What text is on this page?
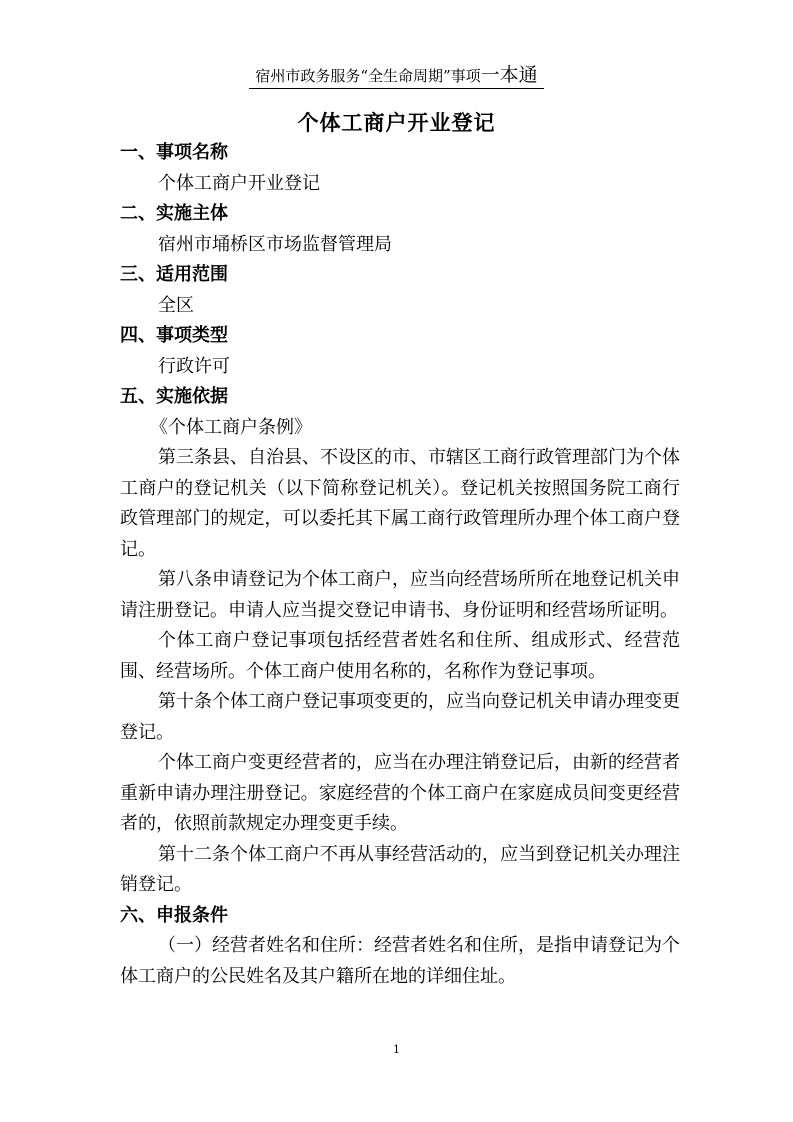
宿州市政务服务“全生命周期”事项一本通
个体工商户开业登记

一、事项名称

个体工商户开业登记

二、实施主体

宿州市埇桥区市场监督管理局

三、适用范围

全区

四、事项类型

行政许可

五、实施依据

《个体工商户条例》

第三条县、自治县、不设区的市、市辖区工商行政管理部门为个体工商户的登记机关（以下简称登记机关）。登记机关按照国务院工商行政管理部门的规定，可以委托其下属工商行政管理所办理个体工商户登记。

第八条申请登记为个体工商户，应当向经营场所所在地登记机关申请注册登记。申请人应当提交登记申请书、身份证明和经营场所证明。

个体工商户登记事项包括经营者姓名和住所、组成形式、经营范围、经营场所。个体工商户使用名称的，名称作为登记事项。

第十条个体工商户登记事项变更的，应当向登记机关申请办理变更登记。

个体工商户变更经营者的，应当在办理注销登记后，由新的经营者重新申请办理注册登记。家庭经营的个体工商户在家庭成员间变更经营者的，依照前款规定办理变更手续。

第十二条个体工商户不再从事经营活动的，应当到登记机关办理注销登记。

六、申报条件

（一）经营者姓名和住所：经营者姓名和住所，是指申请登记为个体工商户的公民姓名及其户籍所在地的详细住址。

1
